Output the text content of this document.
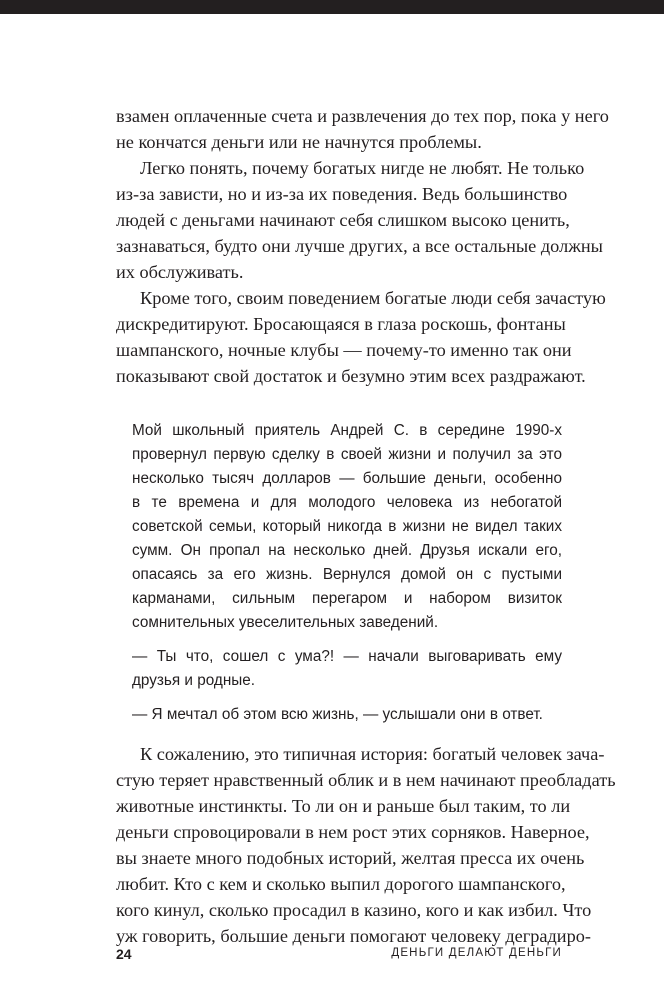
взамен оплаченные счета и развлечения до тех пор, пока у него

не кончатся деньги или не начнутся проблемы.

Легко понять, почему богатых нигде не любят. Не только

из-за зависти, но и из-за их поведения. Ведь большинство

людей с деньгами начинают себя слишком высоко ценить,

зазнаваться, будто они лучше других, а все остальные должны

их обслуживать.

Кроме того, своим поведением богатые люди себя зачастую

дискредитируют. Бросающаяся в глаза роскошь, фонтаны

шампанского, ночные клубы — почему-то именно так они

показывают свой достаток и безумно этим всех раздражают.

Мой школьный приятель Андрей С. в середине 1990-х

провернул первую сделку в своей жизни и получил за это

несколько тысяч долларов — большие деньги, особенно

в те времена и для молодого человека из небогатой

советской семьи, который никогда в жизни не видел таких

сумм. Он пропал на несколько дней. Друзья искали его,

опасаясь за его жизнь. Вернулся домой он с пустыми

карманами, сильным перегаром и набором визиток

сомнительных увеселительных заведений.

— Ты что, сошел с ума?! — начали выговаривать ему

друзья и родные.

— Я мечтал об этом всю жизнь, — услышали они в ответ.

К сожалению, это типичная история: богатый человек зача-

стую теряет нравственный облик и в нем начинают преобладать

животные инстинкты. То ли он и раньше был таким, то ли

деньги спровоцировали в нем рост этих сорняков. Наверное,

вы знаете много подобных историй, желтая пресса их очень

любит. Кто с кем и сколько выпил дорогого шампанского,

кого кинул, сколько просадил в казино, кого и как избил. Что

уж говорить, большие деньги помогают человеку деградиро-

24	ДЕНЬГИ ДЕЛАЮТ ДЕНЬГИ
